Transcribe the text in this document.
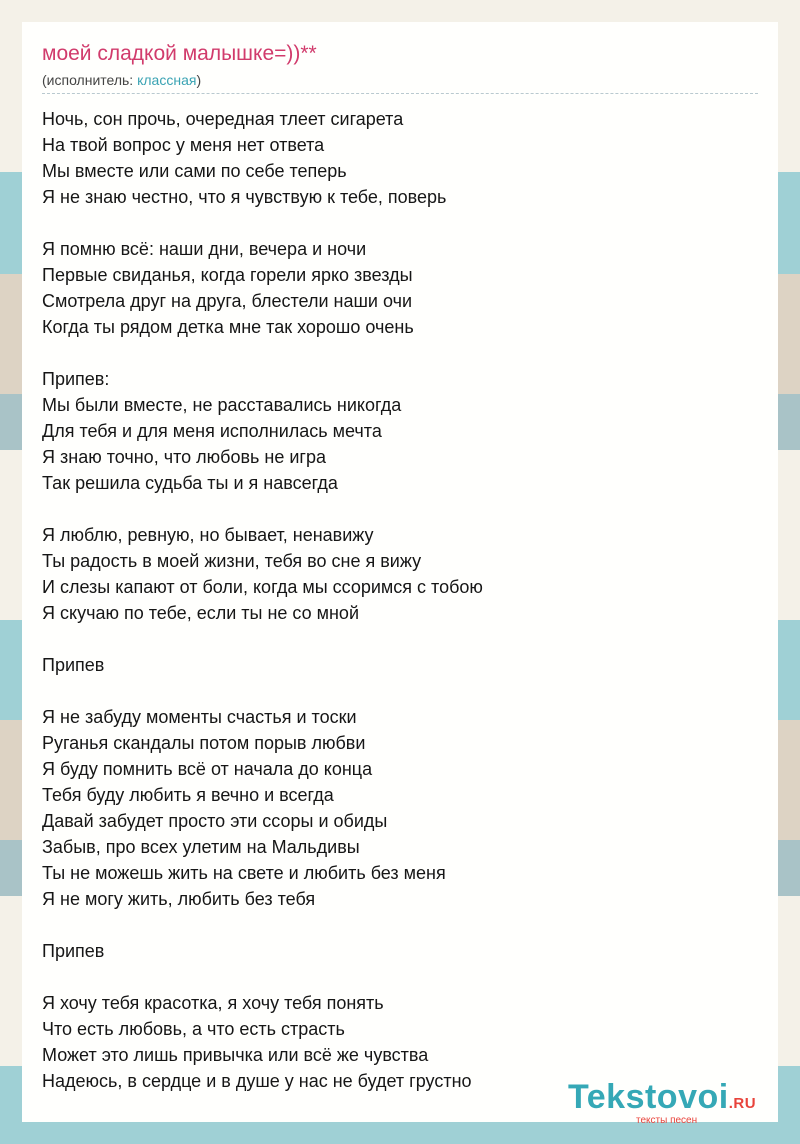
моей сладкой малышке=))**
(исполнитель: классная)
Ночь, сон прочь, очередная тлеет сигарета
На твой вопрос у меня нет ответа
Мы вместе или сами по себе теперь
Я не знаю честно, что я чувствую к тебе, поверь
Я помню всё: наши дни, вечера и ночи
Первые свиданья, когда горели ярко звезды
Смотрела друг на друга, блестели наши очи
Когда ты рядом детка мне так хорошо очень
Припев:
Мы были вместе, не расставались никогда
Для тебя и для меня исполнилась мечта
Я знаю точно, что любовь не игра
Так решила судьба ты и я навсегда
Я люблю, ревную, но бывает, ненавижу
Ты радость в моей жизни, тебя во сне я вижу
И слезы капают от боли, когда мы ссоримся с тобою
Я скучаю по тебе, если ты не со мной
Припев
Я не забуду моменты счастья и тоски
Руганья скандалы потом порыв любви
Я буду помнить всё от начала до конца
Тебя буду любить я вечно и всегда
Давай забудет просто эти ссоры и обиды
Забыв, про всех улетим на Мальдивы
Ты не можешь жить на свете и любить без меня
Я не могу жить, любить без тебя
Припев
Я хочу тебя красотка, я хочу тебя понять
Что есть любовь, а что есть страсть
Может это лишь привычка или всё же чувства
Надеюсь, в сердце и в душе у нас не будет грустно	Tekstovoi.RU
тексты песен
